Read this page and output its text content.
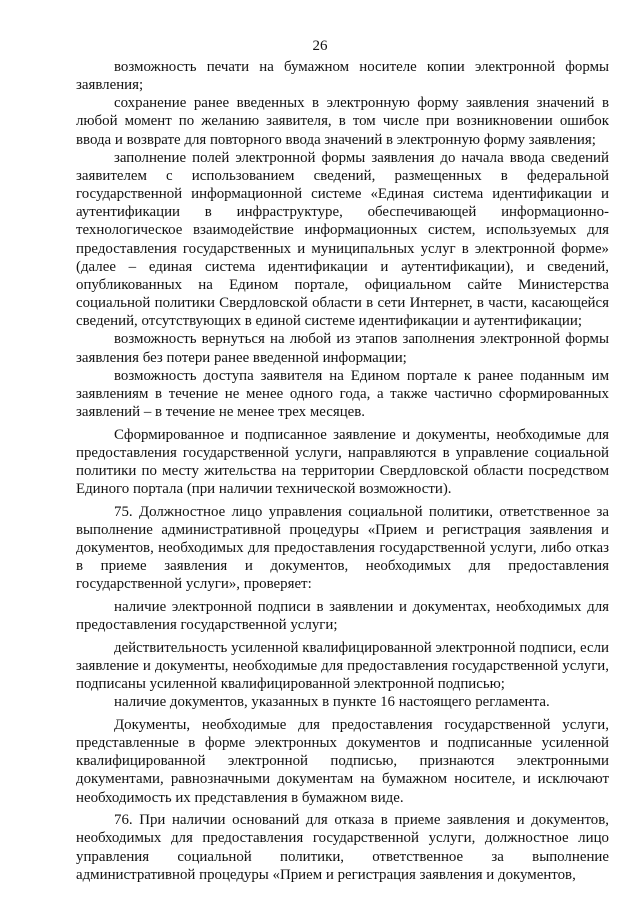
26

возможность печати на бумажном носителе копии электронной формы заявления;

сохранение ранее введенных в электронную форму заявления значений в любой момент по желанию заявителя, в том числе при возникновении ошибок ввода и возврате для повторного ввода значений в электронную форму заявления;

заполнение полей электронной формы заявления до начала ввода сведений заявителем с использованием сведений, размещенных в федеральной государственной информационной системе «Единая система идентификации и аутентификации в инфраструктуре, обеспечивающей информационно-технологическое взаимодействие информационных систем, используемых для предоставления государственных и муниципальных услуг в электронной форме» (далее – единая система идентификации и аутентификации), и сведений, опубликованных на Едином портале, официальном сайте Министерства социальной политики Свердловской области в сети Интернет, в части, касающейся сведений, отсутствующих в единой системе идентификации и аутентификации;

возможность вернуться на любой из этапов заполнения электронной формы заявления без потери ранее введенной информации;

возможность доступа заявителя на Едином портале к ранее поданным им заявлениям в течение не менее одного года, а также частично сформированных заявлений – в течение не менее трех месяцев.

Сформированное и подписанное заявление и документы, необходимые для предоставления государственной услуги, направляются в управление социальной политики по месту жительства на территории Свердловской области посредством Единого портала (при наличии технической возможности).

75. Должностное лицо управления социальной политики, ответственное за выполнение административной процедуры «Прием и регистрация заявления и документов, необходимых для предоставления государственной услуги, либо отказ в приеме заявления и документов, необходимых для предоставления государственной услуги», проверяет:

наличие электронной подписи в заявлении и документах, необходимых для предоставления государственной услуги;

действительность усиленной квалифицированной электронной подписи, если заявление и документы, необходимые для предоставления государственной услуги, подписаны усиленной квалифицированной электронной подписью;

наличие документов, указанных в пункте 16 настоящего регламента.

Документы, необходимые для предоставления государственной услуги, представленные в форме электронных документов и подписанные усиленной квалифицированной электронной подписью, признаются электронными документами, равнозначными документам на бумажном носителе, и исключают необходимость их представления в бумажном виде.

76. При наличии оснований для отказа в приеме заявления и документов, необходимых для предоставления государственной услуги, должностное лицо управления социальной политики, ответственное за выполнение административной процедуры «Прием и регистрация заявления и документов,
